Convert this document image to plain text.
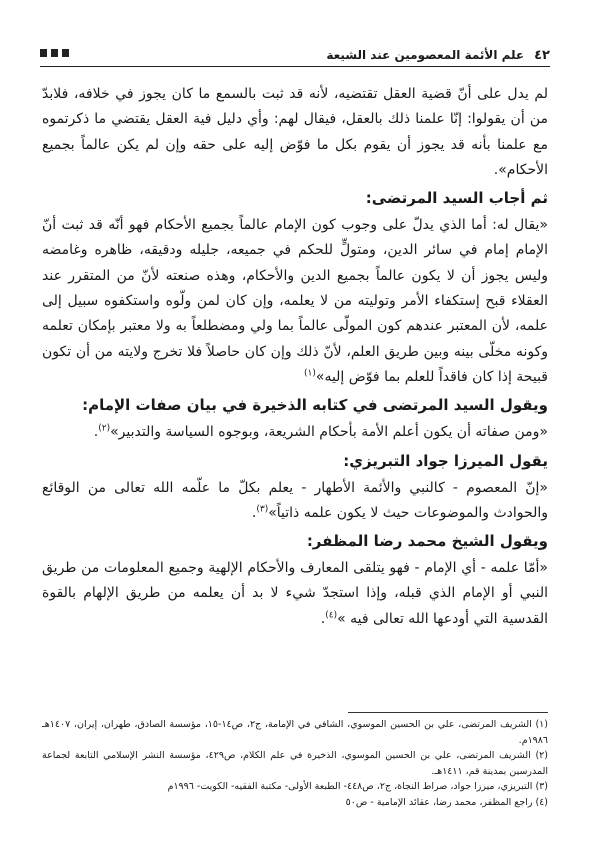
٤٢
علم الأئمة المعصومين عند الشيعة

لم يدل على أنّ قضية العقل تقتضيه، لأنه قد ثبت بالسمع ما كان يجوز في خلافه، فلابدّ من أن يقولوا: إنّا علمنا ذلك بالعقل، فيقال لهم: وأي دليل فية العقل يقتضي ما ذكرتموه مع علمنا بأنه قد يجوز أن يقوم بكل ما فوّض إليه على حقه وإن لم يكن عالماً بجميع الأحكام».

ثم أجاب السيد المرتضى:

«يقال له: أما الذي يدلّ على وجوب كون الإمام عالماً بجميع الأحكام فهو أنّه قد ثبت أنّ الإمام إمام في سائر الدين، ومتولٍّ للحكم في جميعه، جليله ودقيقه، ظاهره وغامضه وليس يجوز أن لا يكون عالماً بجميع الدين والأحكام، وهذه صنعته لأنّ من المتقرر عند العقلاء قبح إستكفاء الأمر وتوليته من لا يعلمه، وإن كان لمن ولّوه واستكفوه سبيل إلى علمه، لأن المعتبر عندهم كون المولّى عالماً بما ولي ومضطلعاً به ولا معتبر بإمكان تعلمه وكونه مخلّى بينه وبين طريق العلم، لأنّ ذلك وإن كان حاصلاً فلا تخرج ولايته من أن تكون قبيحة إذا كان فاقداً للعلم بما فوّض إليه»$^{(١)}$

ويقول السيد المرتضى في كتابه الذخيرة في بيان صفات الإمام:

«ومن صفاته أن يكون أعلم الأمة بأحكام الشريعة، وبوجوه السياسة والتدبير»$^{(٢)}$.

يقول الميرزا جواد التبريزي:

«إنّ المعصوم - كالنبي والأئمة الأطهار - يعلم بكلّ ما علّمه الله تعالى من الوقائع والحوادث والموضوعات حيث لا يكون علمه ذاتياً»$^{(٣)}$.

ويقول الشيخ محمد رضا المظفر:

«أمّا علمه - أي الإمام - فهو يتلقى المعارف والأحكام الإلهية وجميع المعلومات من طريق النبي أو الإمام الذي قبله، وإذا استجدّ شيء لا بد أن يعلمه من طريق الإلهام بالقوة القدسية التي أودعها الله تعالى فيه »$^{(٤)}$.

(١) الشريف المرتضى، علي بن الحسين الموسوي، الشافي في الإمامة، ج٢، ص١٤-١٥، مؤسسة الصادق، طهران، إيران، ١٤٠٧هـ ١٩٨٦م.

(٢) الشريف المرتضى، علي بن الحسين الموسوي، الذخيرة في علم الكلام، ص٤٢٩، مؤسسة النشر الإسلامي التابعة لجماعة المدرسين بمدينة قم، ١٤١١هـ.

(٣) التبريزي، ميرزا جواد، صراط النجاة، ج٢، ص٤٤٨- الطبعة الأولى- مكتبة الفقيه- الكويت- ١٩٩٦م

(٤) راجع المظفر، محمد رضا، عقائد الإمامية - ص٥٠
